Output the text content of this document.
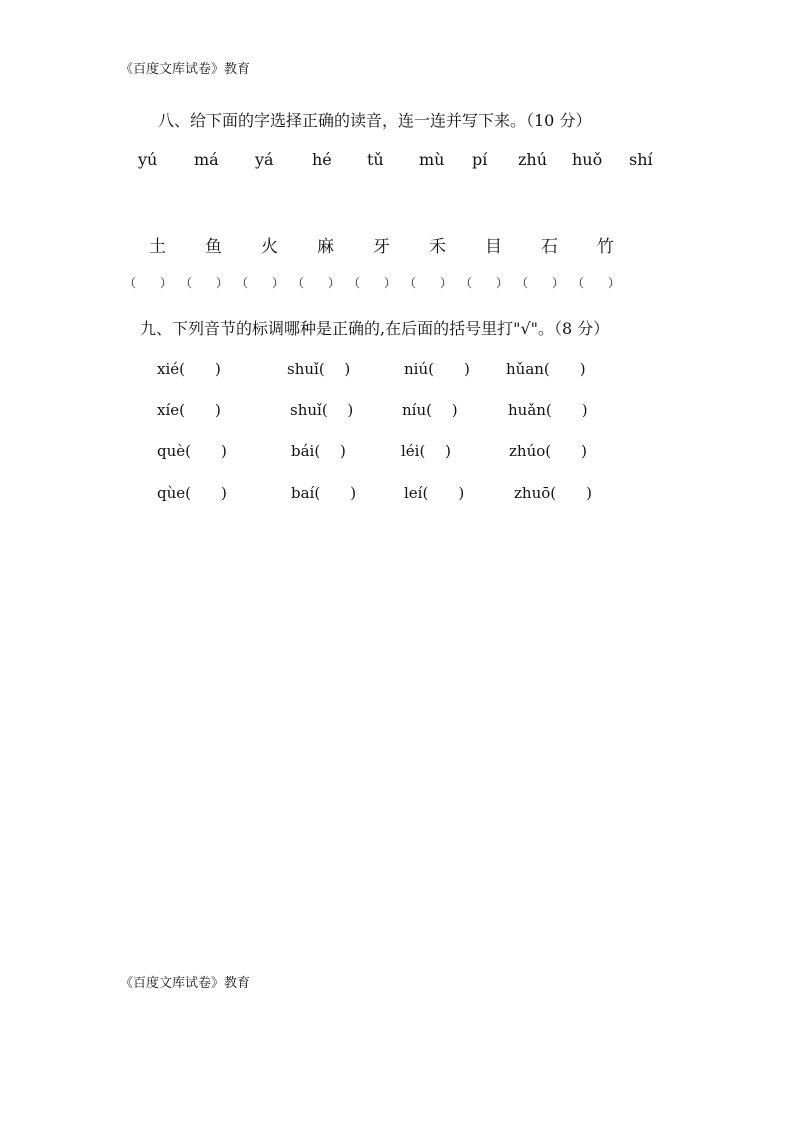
《百度文库试卷》教育
八、给下面的字选择正确的读音，连一连并写下来。（10 分）
yú má yá hé tǔ mù pí zhú huǒ shí
土 鱼 火 麻 牙 禾 目 石 竹
（　　） （　　） （　　） （　　） （　　） （　　） （　　） （　　） （　　）
九、下列音节的标调哪种是正确的,在后面的括号里打"√"。（8 分）
xié(　　)	shuǐ(　 )	niú(　　) hǔan(　　)
xíe(　　)	shuǐ(　 )	níu(　 )	huǎn(　　)
què(　　)	bái(　 )	léi(　 )	zhúo(　　)
qùe(　　)	baí(　　)	leí(　　)	zhuō(　　)
《百度文库试卷》教育
